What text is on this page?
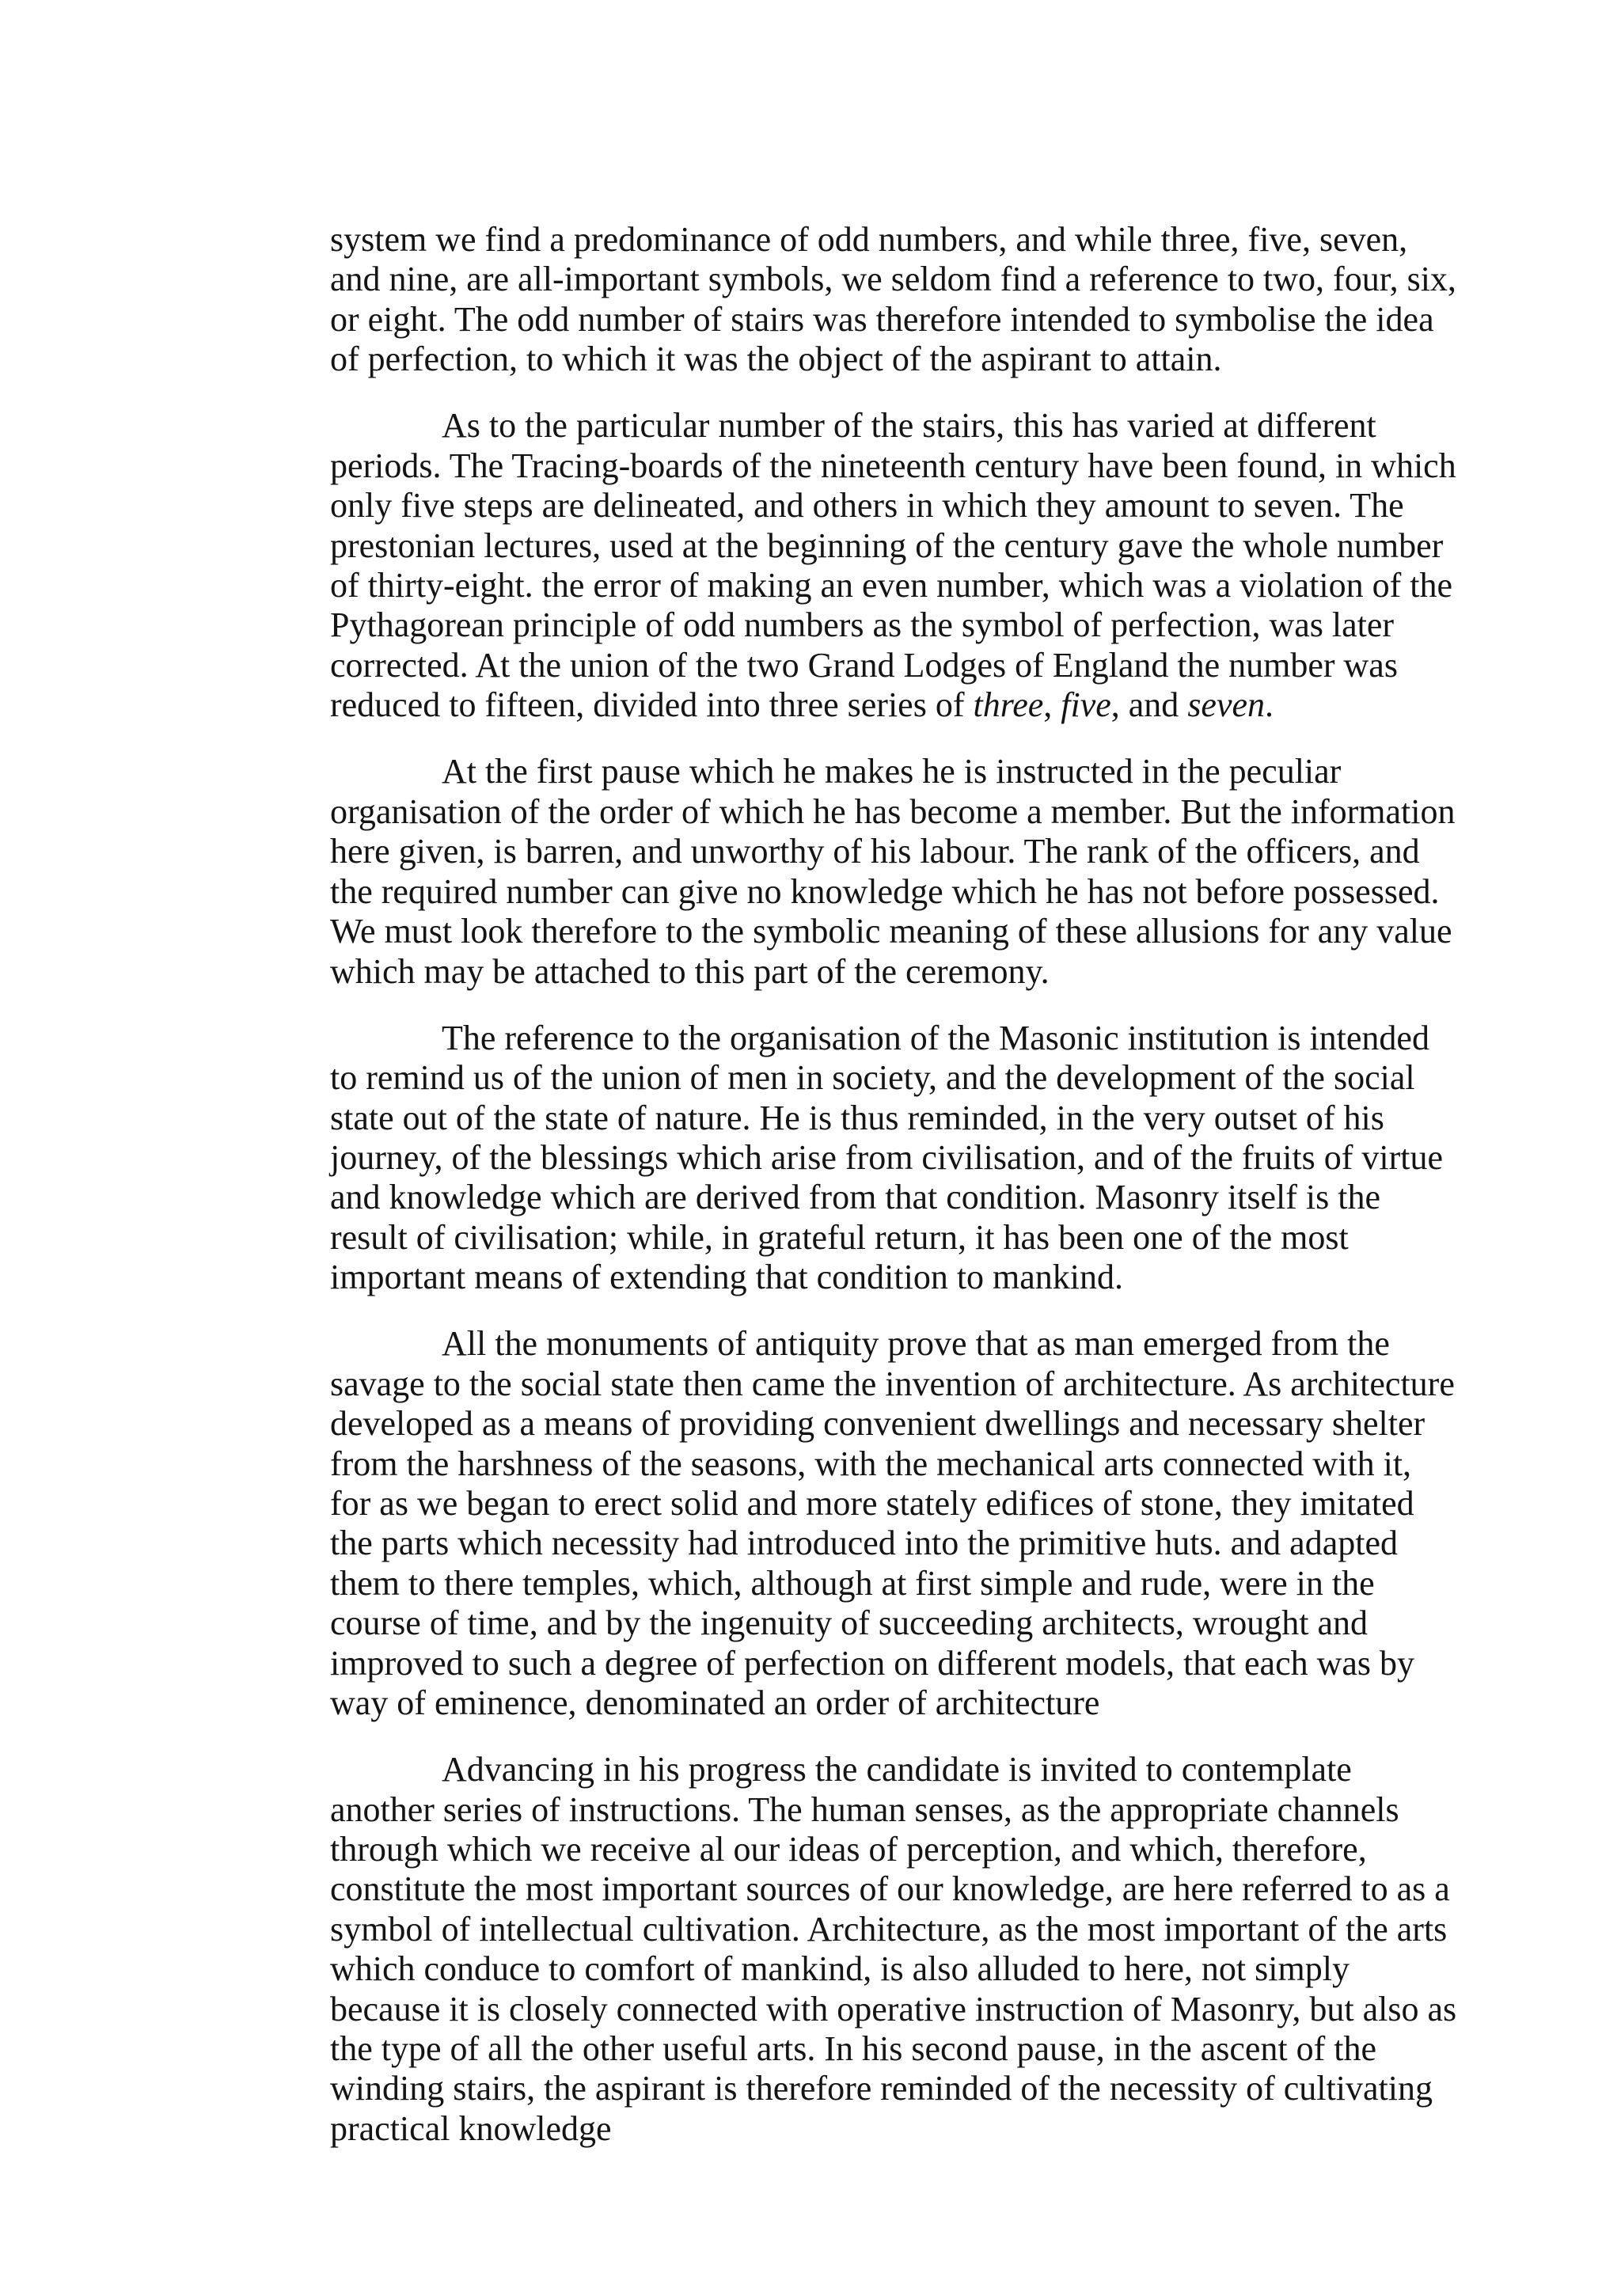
system we find a predominance of odd numbers, and while three, five, seven,
and nine, are all-important symbols, we seldom find a reference to two, four, six,
or eight. The odd number of stairs was therefore intended to symbolise the idea
of perfection, to which it was the object of the aspirant to attain.
As to the particular number of the stairs, this has varied at different
periods. The Tracing-boards of the nineteenth century have been found, in which
only five steps are delineated, and others in which they amount to seven. The
prestonian lectures, used at the beginning of the century gave the whole number
of thirty-eight. the error of making an even number, which was a violation of the
Pythagorean principle of odd numbers as the symbol of perfection, was later
corrected. At the union of the two Grand Lodges of England the number was
reduced to fifteen, divided into three series of three, five, and seven.
At the first pause which he makes he is instructed in the peculiar
organisation of the order of which he has become a member. But the information
here given, is barren, and unworthy of his labour. The rank of the officers, and
the required number can give no knowledge which he has not before possessed.
We must look therefore to the symbolic meaning of these allusions for any value
which may be attached to this part of the ceremony.
The reference to the organisation of the Masonic institution is intended
to remind us of the union of men in society, and the development of the social
state out of the state of nature. He is thus reminded, in the very outset of his
journey, of the blessings which arise from civilisation, and of the fruits of virtue
and knowledge which are derived from that condition. Masonry itself is the
result of civilisation; while, in grateful return, it has been one of the most
important means of extending that condition to mankind.
All the monuments of antiquity prove that as man emerged from the
savage to the social state then came the invention of architecture. As architecture
developed as a means of providing convenient dwellings and necessary shelter
from the harshness of the seasons, with the mechanical arts connected with it,
for as we began to erect solid and more stately edifices of stone, they imitated
the parts which necessity had introduced into the primitive huts. and adapted
them to there temples, which, although at first simple and rude, were in the
course of time, and by the ingenuity of succeeding architects, wrought and
improved to such a degree of perfection on different models, that each was by
way of eminence, denominated an order of architecture
Advancing in his progress the candidate is invited to contemplate
another series of instructions. The human senses, as the appropriate channels
through which we receive al our ideas of perception, and which, therefore,
constitute the most important sources of our knowledge, are here referred to as a
symbol of intellectual cultivation. Architecture, as the most important of the arts
which conduce to comfort of mankind, is also alluded to here, not simply
because it is closely connected with operative instruction of Masonry, but also as
the type of all the other useful arts. In his second pause, in the ascent of the
winding stairs, the aspirant is therefore reminded of the necessity of cultivating
practical knowledge
